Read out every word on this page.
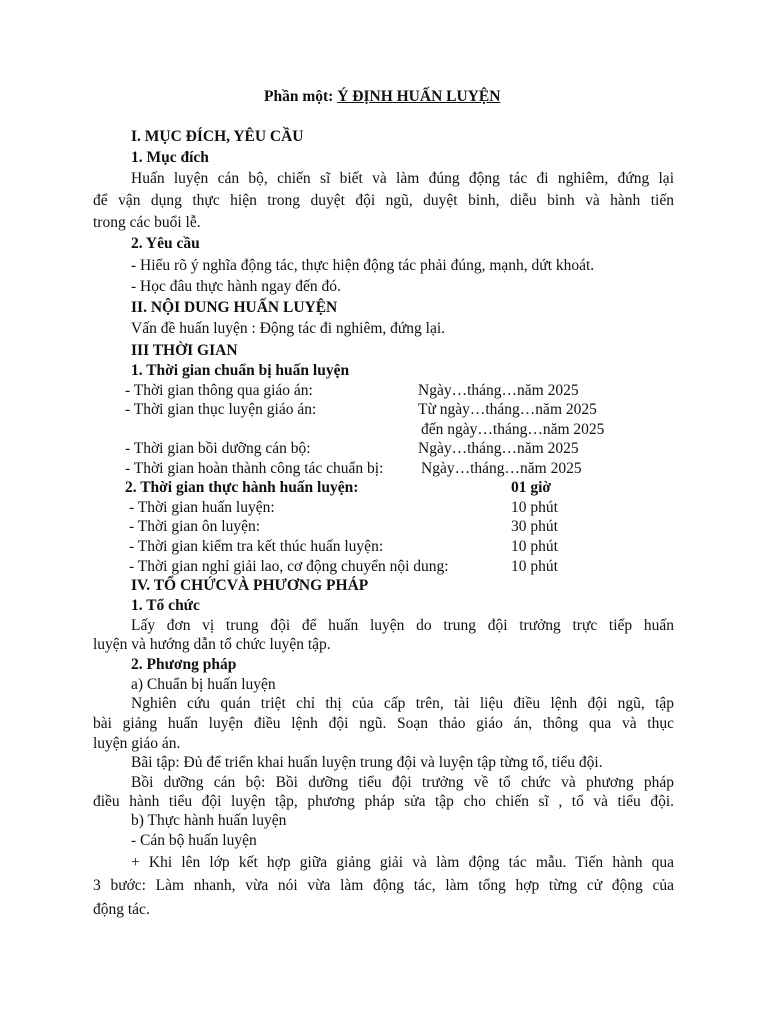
Phần một: Ý ĐỊNH HUẤN LUYỆN
I. MỤC ĐÍCH, YÊU CẦU
1. Mục đích
Huấn luyện cán bộ, chiến sĩ biết và làm đúng động tác đi nghiêm, đứng lại
để vận dụng thực hiện trong duyệt đội ngũ, duyệt binh, diễu binh và hành tiến
trong các buổi lễ.
2. Yêu cầu
- Hiểu rõ ý nghĩa động tác, thực hiện động tác phải đúng, mạnh, dứt khoát.
- Học đâu thực hành ngay đến đó.
II. NỘI DUNG HUẤN LUYỆN
Vấn đề huấn luyện : Động tác đi nghiêm, đứng lại.
III THỜI GIAN
1. Thời gian chuẩn bị huấn luyện
- Thời gian thông qua giáo án:	Ngày…tháng…năm 2025
- Thời gian thục luyện giáo án:	Từ ngày…tháng…năm 2025
đến ngày…tháng…năm 2025
- Thời gian bồi dưỡng cán bộ:	Ngày…tháng…năm 2025
- Thời gian hoàn thành công tác chuẩn bị: Ngày…tháng…năm 2025
2. Thời gian thực hành huấn luyện:	01 giờ
- Thời gian huấn luyện:	10 phút
- Thời gian ôn luyện:	30 phút
- Thời gian kiểm tra kết thúc huấn luyện:	10 phút
- Thời gian nghỉ giải lao, cơ động chuyển nội dung:	10 phút
IV. TỔ CHỨCVÀ PHƯƠNG PHÁP
1. Tổ chức
Lấy đơn vị trung đội để huấn luyện do trung đội trưởng trực tiếp huấn
luyện và hướng dẫn tổ chức luyện tập.
2. Phương pháp
a) Chuẩn bị huấn luyện
Nghiên cứu quán triệt chỉ thị của cấp trên, tài liệu điều lệnh đội ngũ, tập
bài giảng huấn luyện điều lệnh đội ngũ. Soạn thảo giáo án, thông qua và thục
luyện giáo án.
Bãi tập: Đủ để triển khai huấn luyện trung đội và luyện tập từng tổ, tiểu đội.
Bồi dưỡng cán bộ: Bồi dưỡng tiểu đội trưởng về tổ chức và phương pháp
điều hành tiểu đội luyện tập, phương pháp sửa tập cho chiến sĩ , tổ và tiểu đội.
b) Thực hành huấn luyện
- Cán bộ huấn luyện
+ Khi lên lớp kết hợp giữa giảng giải và làm động tác mẫu. Tiến hành qua
3 bước: Làm nhanh, vừa nói vừa làm động tác, làm tổng hợp từng cử động của
động tác.
